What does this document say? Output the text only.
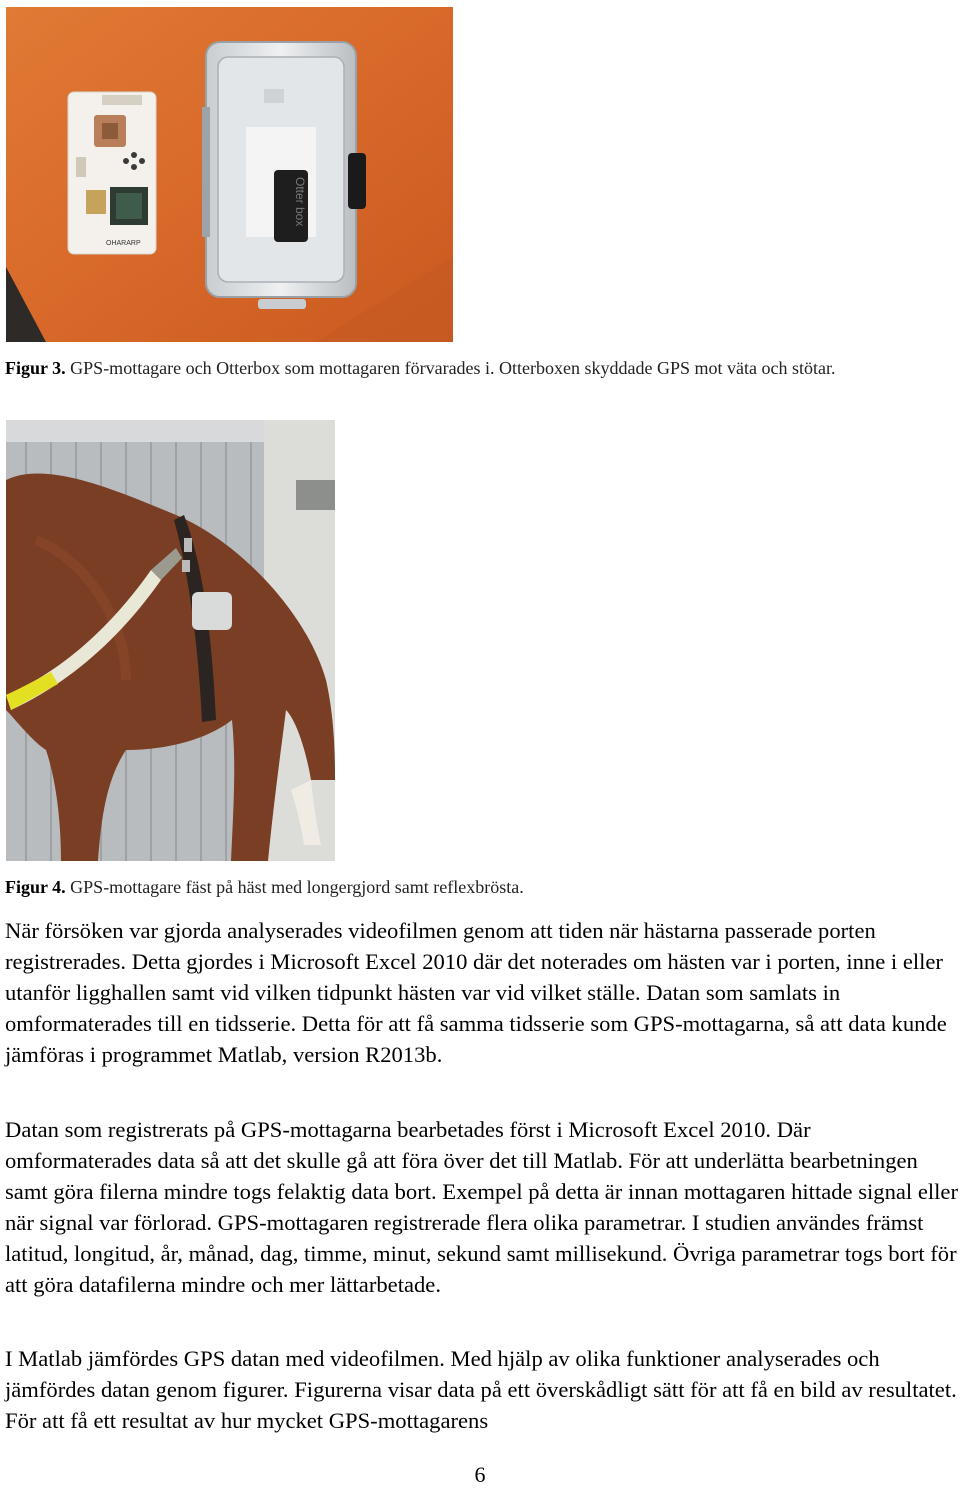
OHARARP
Otter box
Figur 3. GPS-mottagare och Otterbox som mottagaren förvarades i. Otterboxen skyddade GPS mot väta och stötar.
Figur 4. GPS-mottagare fäst på häst med longergjord samt reflexbrösta.

När försöken var gjorda analyserades videofilmen genom att tiden när hästarna passerade porten registrerades. Detta gjordes i Microsoft Excel 2010 där det noterades om hästen var i porten, inne i eller utanför ligghallen samt vid vilken tidpunkt hästen var vid vilket ställe. Datan som samlats in omformaterades till en tidsserie. Detta för att få samma tidsserie som GPS-mottagarna, så att data kunde jämföras i programmet Matlab, version R2013b.

Datan som registrerats på GPS-mottagarna bearbetades först i Microsoft Excel 2010. Där omformaterades data så att det skulle gå att föra över det till Matlab. För att underlätta bearbetningen samt göra filerna mindre togs felaktig data bort. Exempel på detta är innan mottagaren hittade signal eller när signal var förlorad. GPS-mottagaren registrerade flera olika parametrar. I studien användes främst latitud, longitud, år, månad, dag, timme, minut, sekund samt millisekund. Övriga parametrar togs bort för att göra datafilerna mindre och mer lättarbetade.

I Matlab jämfördes GPS datan med videofilmen. Med hjälp av olika funktioner analyserades och jämfördes datan genom figurer. Figurerna visar data på ett överskådligt sätt för att få en bild av resultatet. För att få ett resultat av hur mycket GPS-mottagarens

6
